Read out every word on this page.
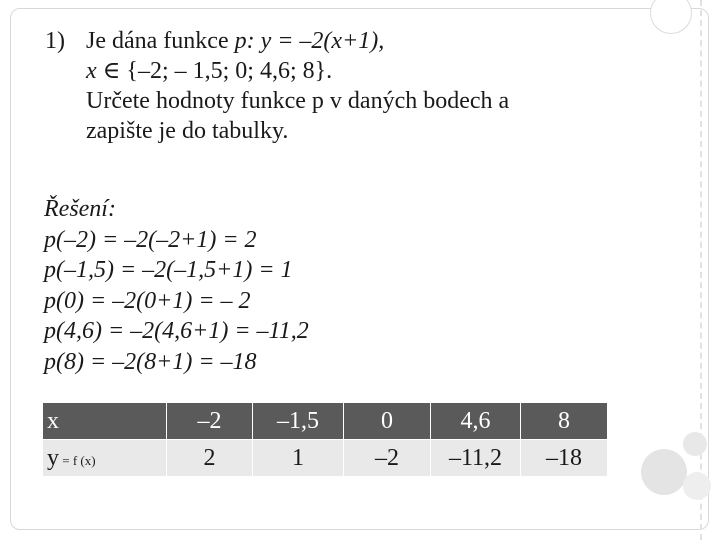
1) Je dána funkce p: y = –2(x+1),
x ∈ {–2; – 1,5; 0; 4,6; 8}.
Určete hodnoty funkce p v daných bodech a
zapište je do tabulky.
Řešení:
p(–2) = –2(–2+1) = 2
p(–1,5) = –2(–1,5+1) = 1
p(0) = –2(0+1) = – 2
p(4,6) = –2(4,6+1) = –11,2
p(8) = –2(8+1) = –18
x	–2	–1,5	0	4,6	8
y = f (x)	2	1	–2	–11,2	–18
